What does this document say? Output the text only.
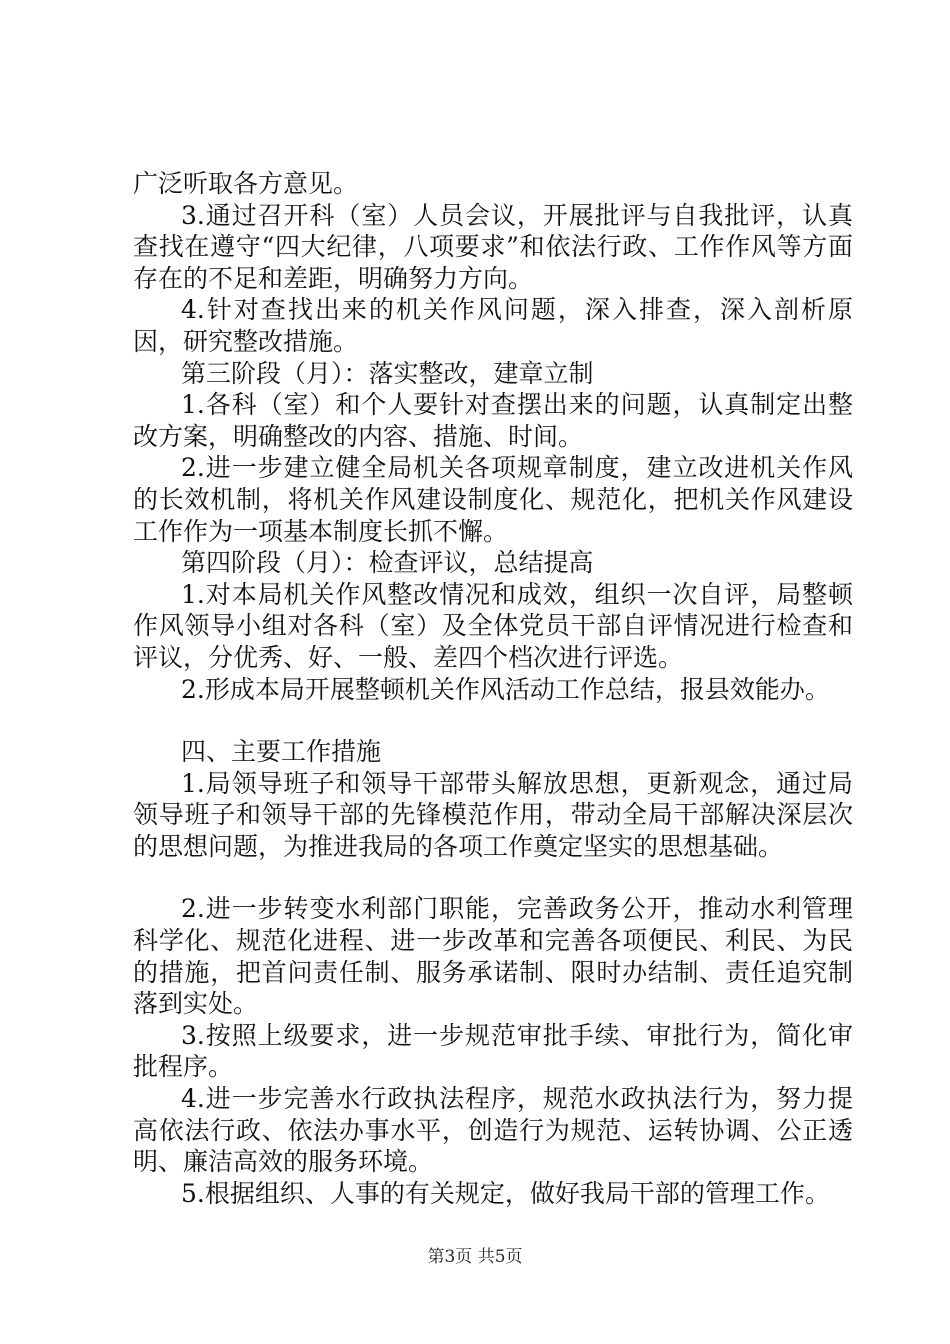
广泛听取各方意见。

3.通过召开科（室）人员会议，开展批评与自我批评，认真查找在遵守“四大纪律，八项要求”和依法行政、工作作风等方面存在的不足和差距，明确努力方向。

4.针对查找出来的机关作风问题，深入排查，深入剖析原因，研究整改措施。

第三阶段（月）：落实整改，建章立制

1.各科（室）和个人要针对查摆出来的问题，认真制定出整改方案，明确整改的内容、措施、时间。

2.进一步建立健全局机关各项规章制度，建立改进机关作风的长效机制，将机关作风建设制度化、规范化，把机关作风建设工作作为一项基本制度长抓不懈。

第四阶段（月）：检查评议，总结提高

1.对本局机关作风整改情况和成效，组织一次自评，局整顿作风领导小组对各科（室）及全体党员干部自评情况进行检查和评议，分优秀、好、一般、差四个档次进行评选。

2.形成本局开展整顿机关作风活动工作总结，报县效能办。

四、主要工作措施

1.局领导班子和领导干部带头解放思想，更新观念，通过局领导班子和领导干部的先锋模范作用，带动全局干部解决深层次的思想问题，为推进我局的各项工作奠定坚实的思想基础。

2.进一步转变水利部门职能，完善政务公开，推动水利管理科学化、规范化进程、进一步改革和完善各项便民、利民、为民的措施，把首问责任制、服务承诺制、限时办结制、责任追究制落到实处。

3.按照上级要求，进一步规范审批手续、审批行为，简化审批程序。

4.进一步完善水行政执法程序，规范水政执法行为，努力提高依法行政、依法办事水平，创造行为规范、运转协调、公正透明、廉洁高效的服务环境。

5.根据组织、人事的有关规定，做好我局干部的管理工作。

第3页 共5页
